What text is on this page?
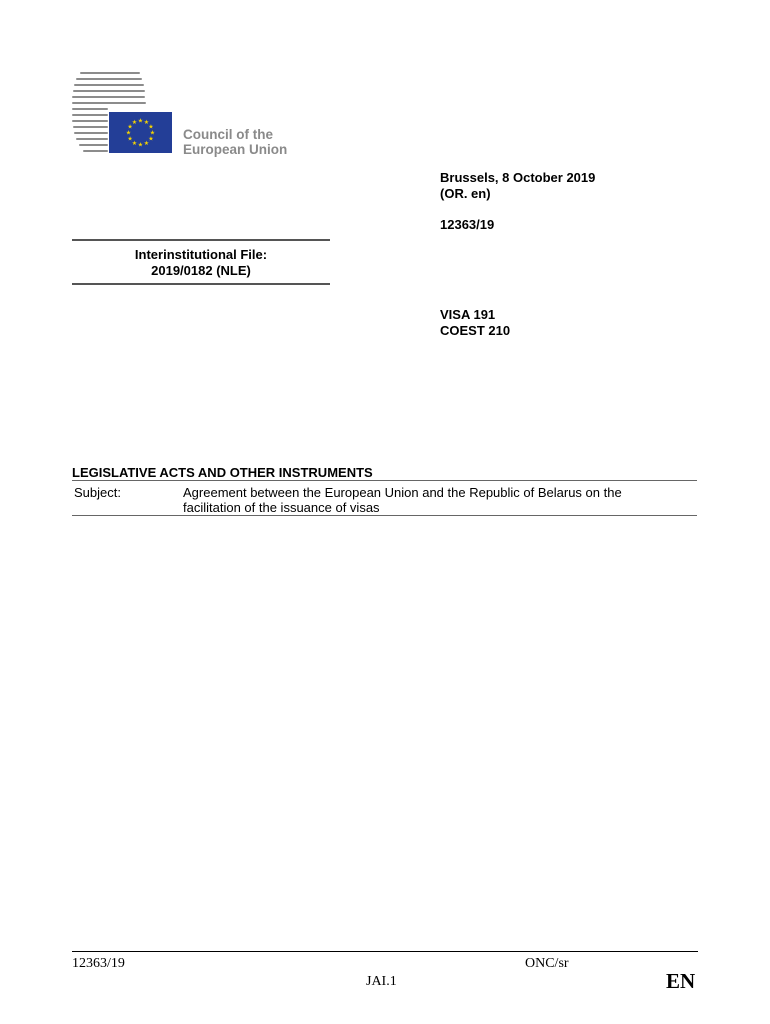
★ ★
★
★
★
★
★
★
★
★
★
★
Council of the
European Union
Brussels, 8 October 2019
(OR. en)
12363/19
VISA 191
COEST 210
Interinstitutional File:
2019/0182 (NLE)
LEGISLATIVE ACTS AND OTHER INSTRUMENTS
Subject:	Agreement between the European Union and the Republic of Belarus on the
facilitation of the issuance of visas
12363/19	ONC/sr
JAI.1	EN
